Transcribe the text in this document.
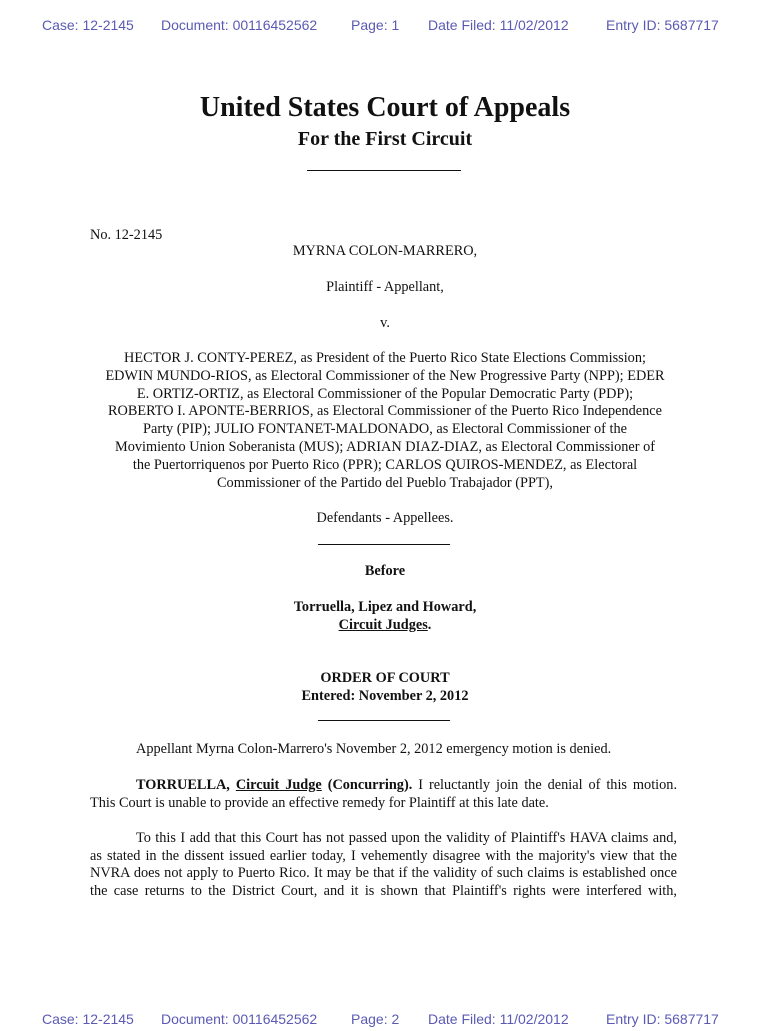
Case: 12-2145 Document: 00116452562 Page: 1 Date Filed: 11/02/2012	Entry ID: 5687717
United States Court of Appeals
For the First Circuit
No. 12-2145
MYRNA COLON-MARRERO,
Plaintiff - Appellant,
v.
HECTOR J. CONTY-PEREZ, as President of the Puerto Rico State Elections Commission;
EDWIN MUNDO-RIOS, as Electoral Commissioner of the New Progressive Party (NPP); EDER
E. ORTIZ-ORTIZ, as Electoral Commissioner of the Popular Democratic Party (PDP);
ROBERTO I. APONTE-BERRIOS, as Electoral Commissioner of the Puerto Rico Independence
Party (PIP); JULIO FONTANET-MALDONADO, as Electoral Commissioner of the
Movimiento Union Soberanista (MUS); ADRIAN DIAZ-DIAZ, as Electoral Commissioner of
the Puertorriquenos por Puerto Rico (PPR); CARLOS QUIROS-MENDEZ, as Electoral
Commissioner of the Partido del Pueblo Trabajador (PPT),
Defendants - Appellees.
Before
Torruella, Lipez and Howard,
Circuit Judges.
ORDER OF COURT
Entered: November 2, 2012
Appellant Myrna Colon-Marrero's November 2, 2012 emergency motion is denied.
TORRUELLA, Circuit Judge (Concurring). I reluctantly join the denial of this motion.
This Court is unable to provide an effective remedy for Plaintiff at this late date.
To this I add that this Court has not passed upon the validity of Plaintiff's HAVA claims and,
as stated in the dissent issued earlier today, I vehemently disagree with the majority's view that the
NVRA does not apply to Puerto Rico. It may be that if the validity of such claims is established once
the case returns to the District Court, and it is shown that Plaintiff's rights were interfered with,
Case: 12-2145 Document: 00116452562 Page: 2 Date Filed: 11/02/2012	Entry ID: 5687717
